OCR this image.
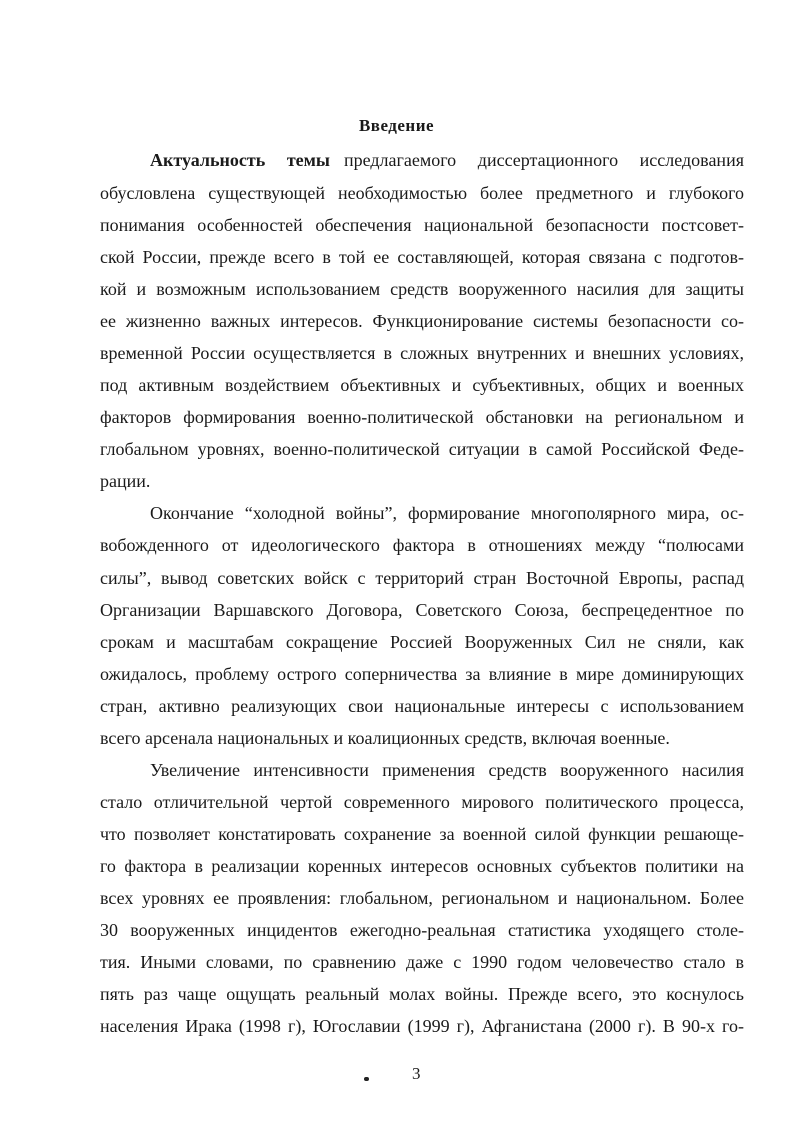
Введение
Актуальность темы предлагаемого диссертационного исследования
обусловлена существующей необходимостью более предметного и глубокого
понимания особенностей обеспечения национальной безопасности постсовет-
ской России, прежде всего в той ее составляющей, которая связана с подготов-
кой и возможным использованием средств вооруженного насилия для защиты
ее жизненно важных интересов. Функционирование системы безопасности со-
временной России осуществляется в сложных внутренних и внешних условиях,
под активным воздействием объективных и субъективных, общих и военных
факторов формирования военно-политической обстановки на региональном и
глобальном уровнях, военно-политической ситуации в самой Российской Феде-
рации.
Окончание “холодной войны”, формирование многополярного мира, ос-
вобожденного от идеологического фактора в отношениях между “полюсами
силы”, вывод советских войск с территорий стран Восточной Европы, распад
Организации Варшавского Договора, Советского Союза, беспрецедентное по
срокам и масштабам сокращение Россией Вооруженных Сил не сняли, как
ожидалось, проблему острого соперничества за влияние в мире доминирующих
стран, активно реализующих свои национальные интересы с использованием
всего арсенала национальных и коалиционных средств, включая военные.
Увеличение интенсивности применения средств вооруженного насилия
стало отличительной чертой современного мирового политического процесса,
что позволяет констатировать сохранение за военной силой функции решающе-
го фактора в реализации коренных интересов основных субъектов политики на
всех уровнях ее проявления: глобальном, региональном и национальном. Более
30 вооруженных инцидентов ежегодно-реальная статистика уходящего столе-
тия. Иными словами, по сравнению даже с 1990 годом человечество стало в
пять раз чаще ощущать реальный молах войны. Прежде всего, это коснулось
населения Ирака (1998 г), Югославии (1999 г), Афганистана (2000 г). В 90-х го-
3
